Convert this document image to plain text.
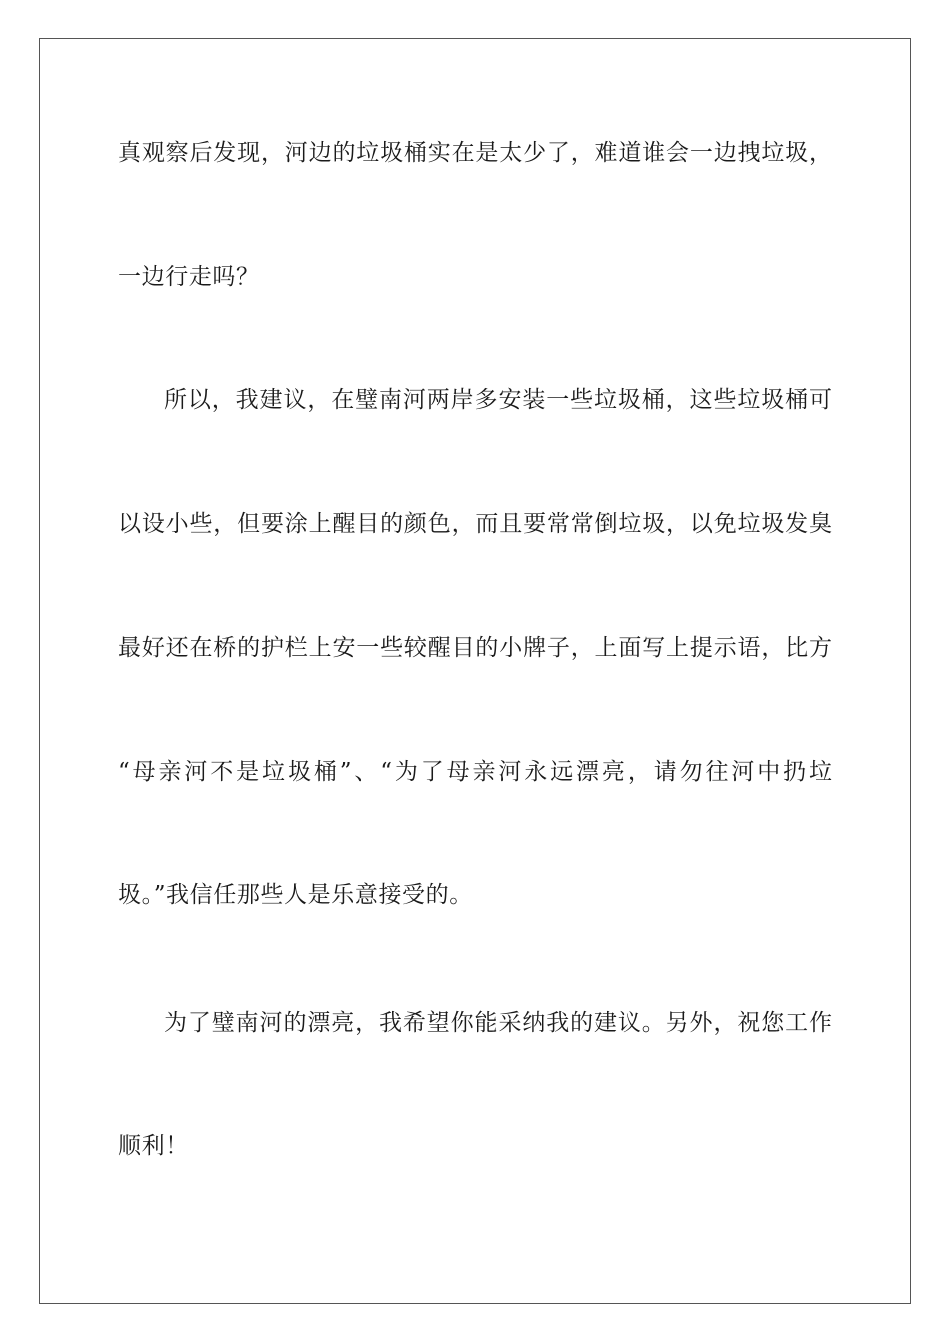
真观察后发现，河边的垃圾桶实在是太少了，难道谁会一边拽垃圾，
一边行走吗？
所以，我建议，在璧南河两岸多安装一些垃圾桶，这些垃圾桶可
以设小些，但要涂上醒目的颜色，而且要常常倒垃圾，以免垃圾发臭
最好还在桥的护栏上安一些较醒目的小牌子，上面写上提示语，比方
“母亲河不是垃圾桶”、“为了母亲河永远漂亮，请勿往河中扔垃
圾。”我信任那些人是乐意接受的。
为了璧南河的漂亮，我希望你能采纳我的建议。另外，祝您工作
顺利！
